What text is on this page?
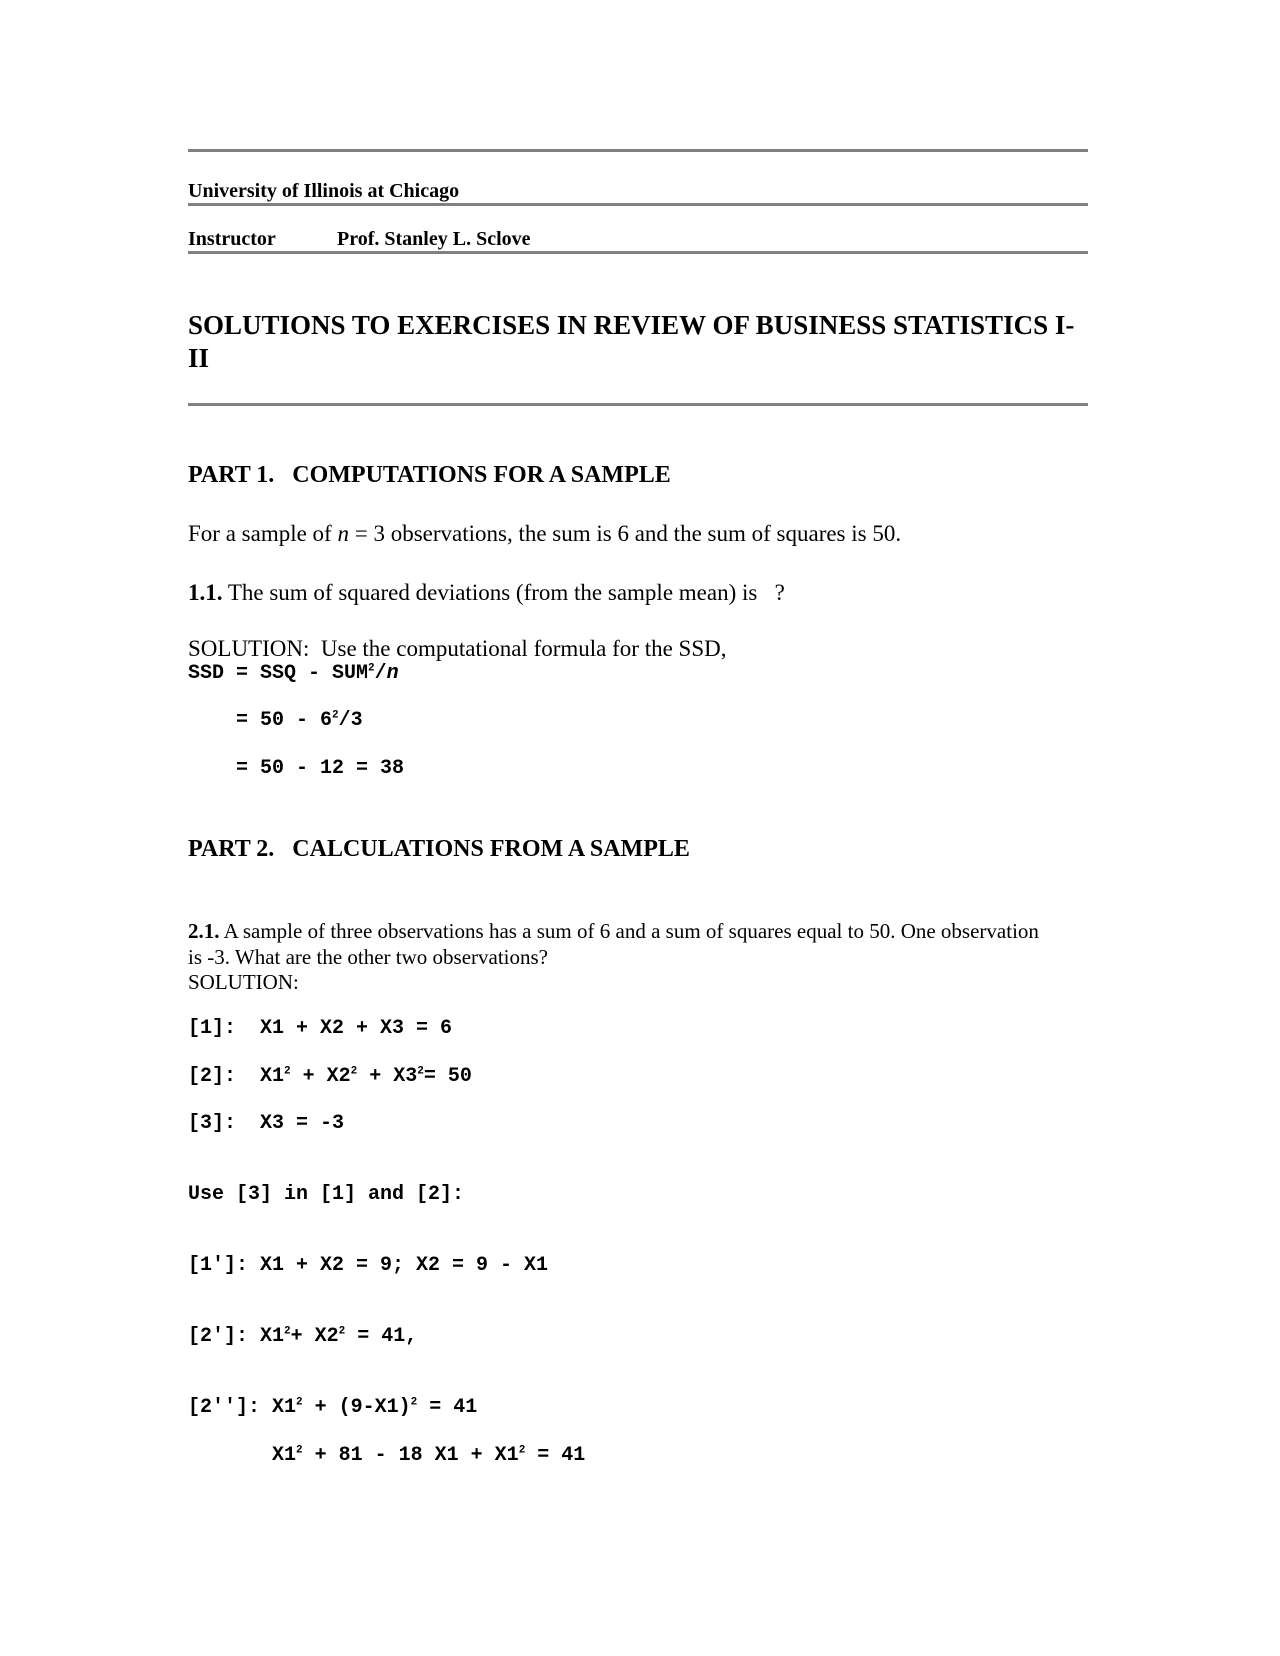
University of Illinois at Chicago
Instructor	Prof. Stanley L. Sclove
SOLUTIONS TO EXERCISES IN REVIEW OF BUSINESS STATISTICS I-II
PART 1.   COMPUTATIONS FOR A SAMPLE
For a sample of n = 3 observations, the sum is 6 and the sum of squares is 50.
1.1. The sum of squared deviations (from the sample mean) is   ?
SOLUTION:  Use the computational formula for the SSD,
SSD = SSQ - SUM$^2$/n
= $50 - 6^2/3$
= 50 - 12 = 38
PART 2.   CALCULATIONS FROM A SAMPLE
2.1. A sample of three observations has a sum of 6 and a sum of squares equal to 50. One observation is -3. What are the other two observations?
SOLUTION:
[1]:  X1 + X2 + X3 = 6
[2]:  $X1^2 + X2^2 + X3^2= 50$
[3]:  X3 = -3
Use [3] in [1] and [2]:
[1']: X1 + X2 = 9; X2 = 9 - X1
[2']: $X1^2+ X2^2 = 41$,
[2'']: $X1^2 + (9-X1)^2 = 41$
$X1^2 + 81 - 18$ $X1 + X1^2 = 41$
